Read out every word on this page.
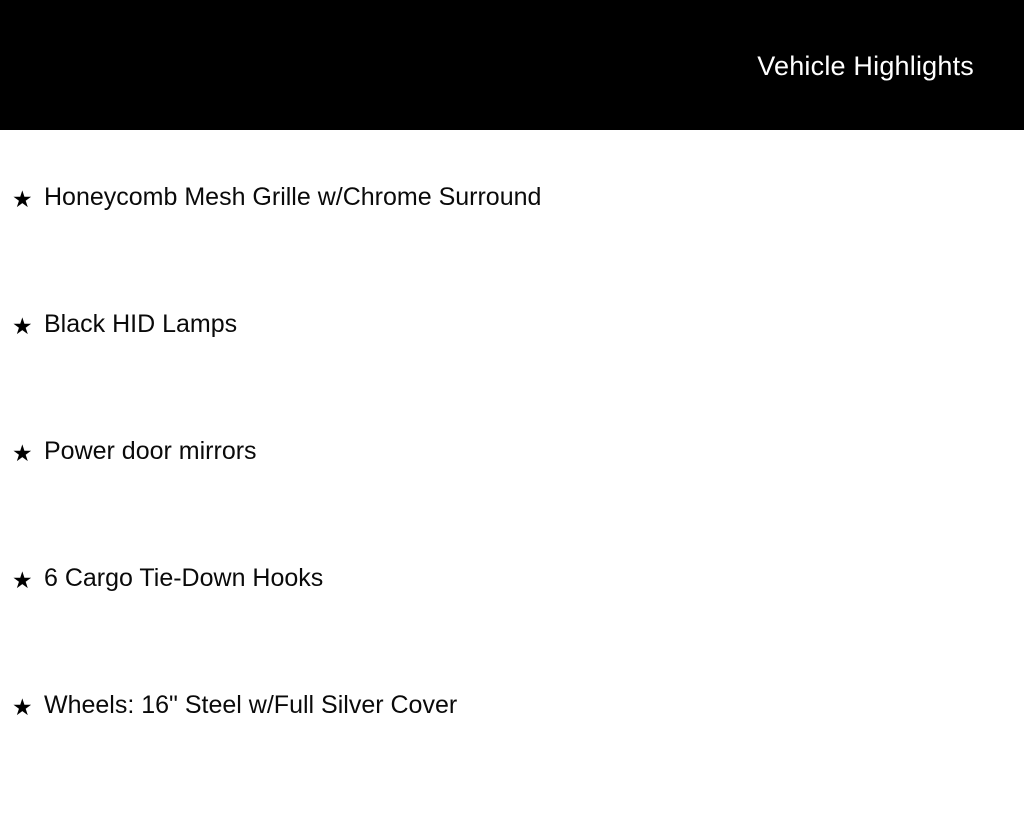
Vehicle Highlights
★ Honeycomb Mesh Grille w/Chrome Surround
★ Black HID Lamps
★ Power door mirrors
★ 6 Cargo Tie-Down Hooks
★ Wheels: 16" Steel w/Full Silver Cover
